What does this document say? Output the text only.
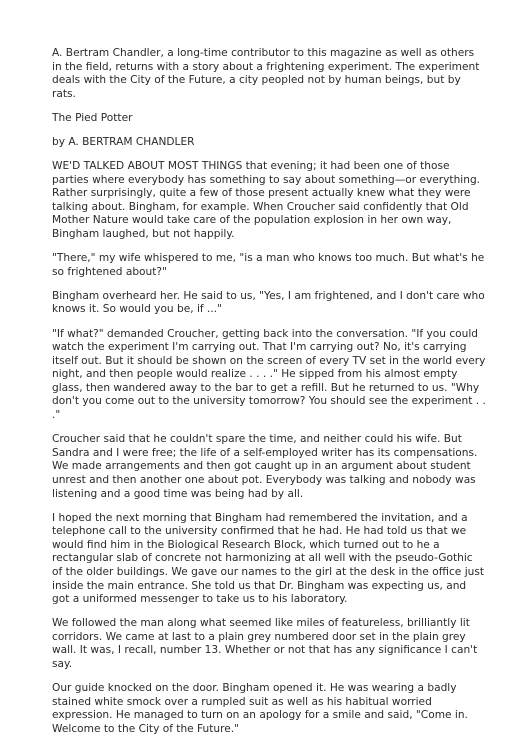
A. Bertram Chandler, a long-time contributor to this magazine as well as others in the field, returns with a story about a frightening experiment. The experiment deals with the City of the Future, a city peopled not by human beings, but by rats.

The Pied Potter

by A. BERTRAM CHANDLER

WE'D TALKED ABOUT MOST THINGS that evening; it had been one of those parties where everybody has something to say about something—or everything. Rather surprisingly, quite a few of those present actually knew what they were talking about. Bingham, for example. When Croucher said confidently that Old Mother Nature would take care of the population explosion in her own way, Bingham laughed, but not happily.

"There," my wife whispered to me, "is a man who knows too much. But what's he so frightened about?"

Bingham overheard her. He said to us, "Yes, I am frightened, and I don't care who knows it. So would you be, if ..."

"If what?" demanded Croucher, getting back into the conversation. "If you could watch the experiment I'm carrying out. That I'm carrying out? No, it's carrying itself out. But it should be shown on the screen of every TV set in the world every night, and then people would realize . . . ." He sipped from his almost empty glass, then wandered away to the bar to get a refill. But he returned to us. "Why don't you come out to the university tomorrow? You should see the experiment . . ."

Croucher said that he couldn't spare the time, and neither could his wife. But Sandra and I were free; the life of a self-employed writer has its compensations. We made arrangements and then got caught up in an argument about student unrest and then another one about pot. Everybody was talking and nobody was listening and a good time was being had by all.

I hoped the next morning that Bingham had remembered the invitation, and a telephone call to the university confirmed that he had. He had told us that we would find him in the Biological Research Block, which turned out to he a rectangular slab of concrete not harmonizing at all well with the pseudo-Gothic of the older buildings. We gave our names to the girl at the desk in the office just inside the main entrance. She told us that Dr. Bingham was expecting us, and got a uniformed messenger to take us to his laboratory.

We followed the man along what seemed like miles of featureless, brilliantly lit corridors. We came at last to a plain grey numbered door set in the plain grey wall. It was, I recall, number 13. Whether or not that has any significance I can't say.

Our guide knocked on the door. Bingham opened it. He was wearing a badly stained white smock over a rumpled suit as well as his habitual worried expression. He managed to turn on an apology for a smile and said, "Come in. Welcome to the City of the Future."
